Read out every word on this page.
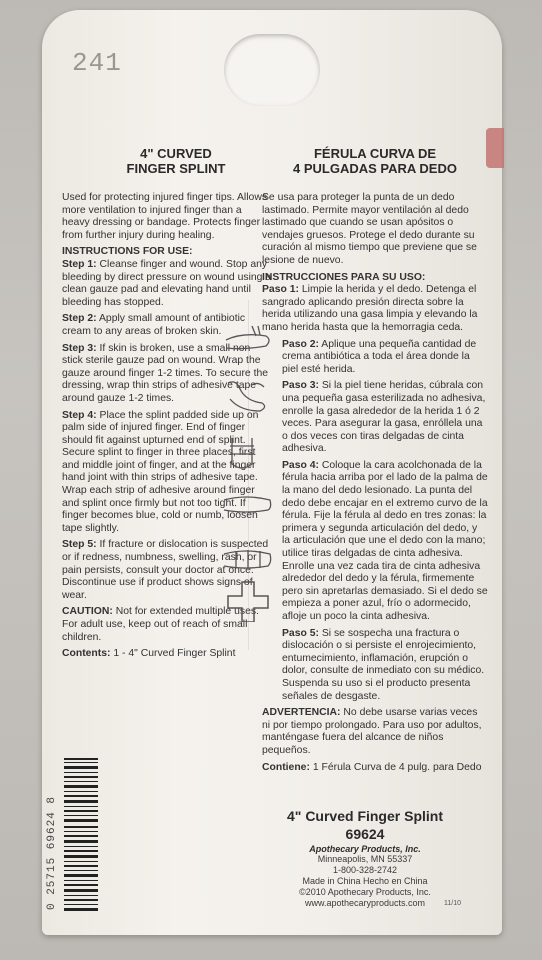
241
4" CURVED
FINGER SPLINT
Used for protecting injured finger tips. Allows more ventilation to injured finger than a heavy dressing or bandage. Protects finger from further injury during healing.
INSTRUCTIONS FOR USE:
Step 1: Cleanse finger and wound. Stop any bleeding by direct pressure on wound using a clean gauze pad and elevating hand until bleeding has stopped.
Step 2: Apply small amount of antibiotic cream to any areas of broken skin.
Step 3: If skin is broken, use a small non-stick sterile gauze pad on wound. Wrap the gauze around finger 1-2 times. To secure the dressing, wrap thin strips of adhesive tape around gauze 1-2 times.
Step 4: Place the splint padded side up on palm side of injured finger. End of finger should fit against upturned end of splint. Secure splint to finger in three places, first and middle joint of finger, and at the finger hand joint with thin strips of adhesive tape. Wrap each strip of adhesive around finger and splint once firmly but not too tight. If finger becomes blue, cold or numb, loosen tape slightly.
Step 5: If fracture or dislocation is suspected or if redness, numbness, swelling, rash, or pain persists, consult your doctor at once. Discontinue use if product shows signs of wear.
CAUTION: Not for extended multiple uses. For adult use, keep out of reach of small children.
Contents: 1 - 4" Curved Finger Splint
FÉRULA CURVA DE
4 PULGADAS PARA DEDO
Se usa para proteger la punta de un dedo lastimado. Permite mayor ventilación al dedo lastimado que cuando se usan apósitos o vendajes gruesos. Protege el dedo durante su curación al mismo tiempo que previene que se lesione de nuevo.
INSTRUCCIONES PARA SU USO:
Paso 1: Limpie la herida y el dedo. Detenga el sangrado aplicando presión directa sobre la herida utilizando una gasa limpia y elevando la mano herida hasta que la hemorragia ceda.
Paso 2: Aplique una pequeña cantidad de crema antibiótica a toda el área donde la piel esté herida.
Paso 3: Si la piel tiene heridas, cúbrala con una pequeña gasa esterilizada no adhesiva, enrolle la gasa alrededor de la herida 1 ó 2 veces. Para asegurar la gasa, enróllela una o dos veces con tiras delgadas de cinta adhesiva.
Paso 4: Coloque la cara acolchonada de la férula hacia arriba por el lado de la palma de la mano del dedo lesionado. La punta del dedo debe encajar en el extremo curvo de la férula. Fije la férula al dedo en tres zonas: la primera y segunda articulación del dedo, y la articulación que une el dedo con la mano; utilice tiras delgadas de cinta adhesiva. Enrolle una vez cada tira de cinta adhesiva alrededor del dedo y la férula, firmemente pero sin apretarlas demasiado. Si el dedo se empieza a poner azul, frío o adormecido, afloje un poco la cinta adhesiva.
Paso 5: Si se sospecha una fractura o dislocación o si persiste el enrojecimiento, entumecimiento, inflamación, erupción o dolor, consulte de inmediato con su médico. Suspenda su uso si el producto presenta señales de desgaste.
ADVERTENCIA: No debe usarse varias veces ni por tiempo prolongado. Para uso por adultos, manténgase fuera del alcance de niños pequeños.
Contiene: 1 Férula Curva de 4 pulg. para Dedo
0 25715 69624 8	4" Curved Finger Splint
69624
Apothecary Products, Inc.
Minneapolis, MN 55337
1-800-328-2742
Made in China Hecho en China
©2010 Apothecary Products, Inc.
www.apothecaryproducts.com	11/10
